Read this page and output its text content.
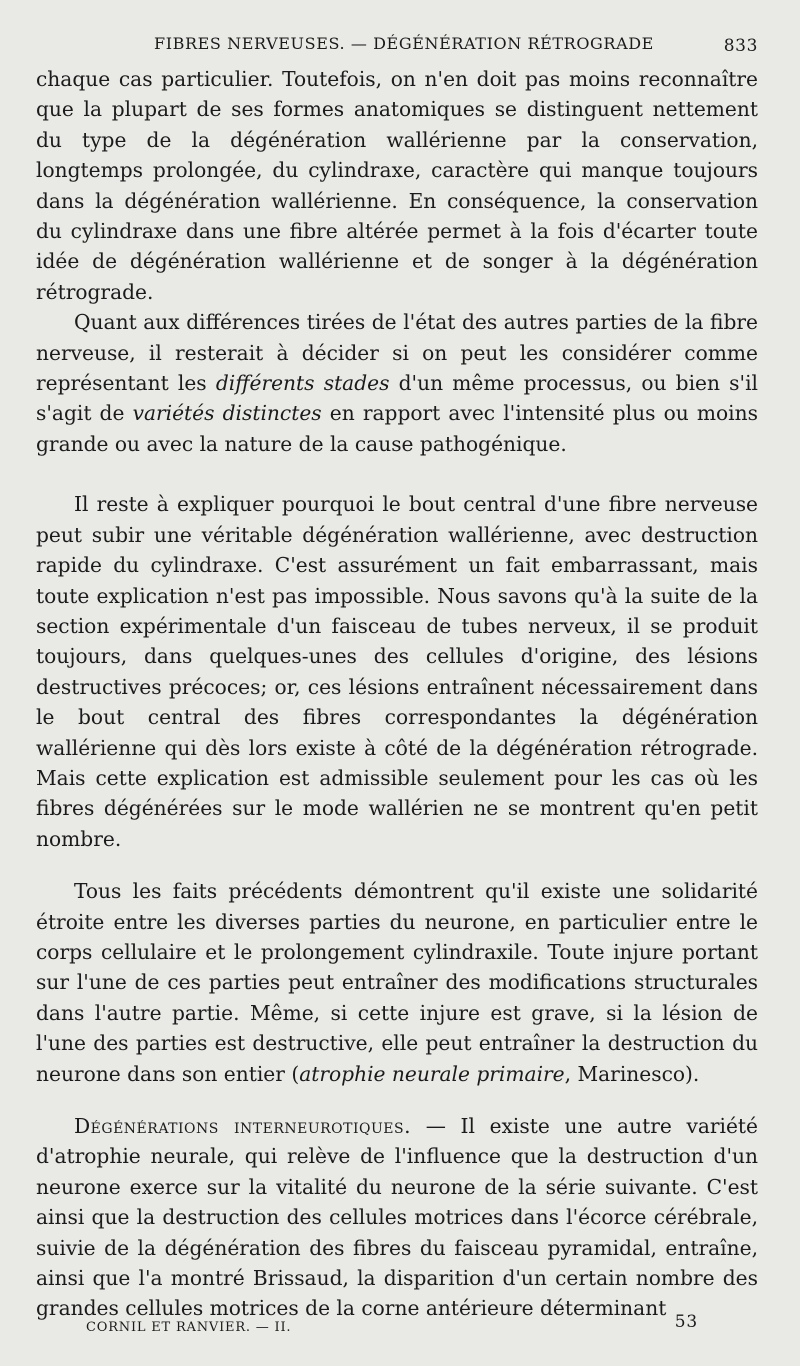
FIBRES NERVEUSES. — DÉGÉNÉRATION RÉTROGRADE	833

chaque cas particulier. Toutefois, on n'en doit pas moins reconnaître que la plupart de ses formes anatomiques se distinguent nettement du type de la dégénération wallérienne par la conservation, longtemps prolongée, du cylindraxe, caractère qui manque toujours dans la dégénération wallérienne. En conséquence, la conservation du cylindraxe dans une fibre altérée permet à la fois d'écarter toute idée de dégénération wallérienne et de songer à la dégénération rétrograde.

Quant aux différences tirées de l'état des autres parties de la fibre nerveuse, il resterait à décider si on peut les considérer comme représentant les différents stades d'un même processus, ou bien s'il s'agit de variétés distinctes en rapport avec l'intensité plus ou moins grande ou avec la nature de la cause pathogénique.

Il reste à expliquer pourquoi le bout central d'une fibre nerveuse peut subir une véritable dégénération wallérienne, avec destruction rapide du cylindraxe. C'est assurément un fait embarrassant, mais toute explication n'est pas impossible. Nous savons qu'à la suite de la section expérimentale d'un faisceau de tubes nerveux, il se produit toujours, dans quelques-unes des cellules d'origine, des lésions destructives précoces; or, ces lésions entraînent nécessairement dans le bout central des fibres correspondantes la dégénération wallérienne qui dès lors existe à côté de la dégénération rétrograde. Mais cette explication est admissible seulement pour les cas où les fibres dégénérées sur le mode wallérien ne se montrent qu'en petit nombre.

Tous les faits précédents démontrent qu'il existe une solidarité étroite entre les diverses parties du neurone, en particulier entre le corps cellulaire et le prolongement cylindraxile. Toute injure portant sur l'une de ces parties peut entraîner des modifications structurales dans l'autre partie. Même, si cette injure est grave, si la lésion de l'une des parties est destructive, elle peut entraîner la destruction du neurone dans son entier (atrophie neurale primaire, Marinesco).

Dégénérations interneurotiques. — Il existe une autre variété d'atrophie neurale, qui relève de l'influence que la destruction d'un neurone exerce sur la vitalité du neurone de la série suivante. C'est ainsi que la destruction des cellules motrices dans l'écorce cérébrale, suivie de la dégénération des fibres du faisceau pyramidal, entraîne, ainsi que l'a montré Brissaud, la disparition d'un certain nombre des grandes cellules motrices de la corne antérieure déterminant

CORNIL ET RANVIER. — II.	53
